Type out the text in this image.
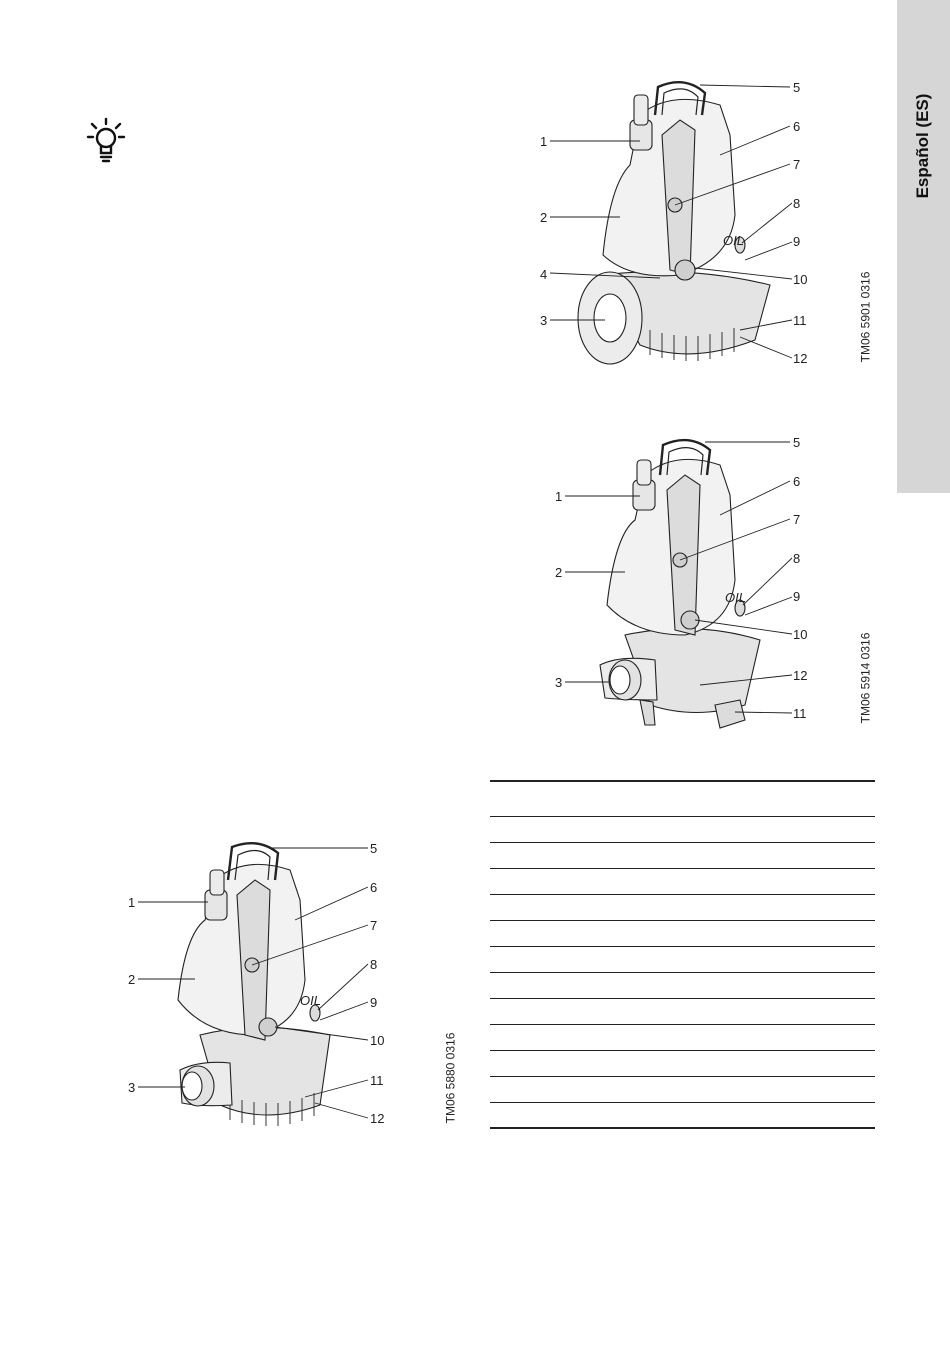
Español (ES)
OIL
1
2
3
4
5
6
7
8
9
10
11
12	TM06 5901 0316
OIL
1
2
3
5
6
7
8
9
10
11
12	TM06 5914 0316
OIL
1
2
3
5
6
7
8
9
10
11
12	TM06 5880 0316
